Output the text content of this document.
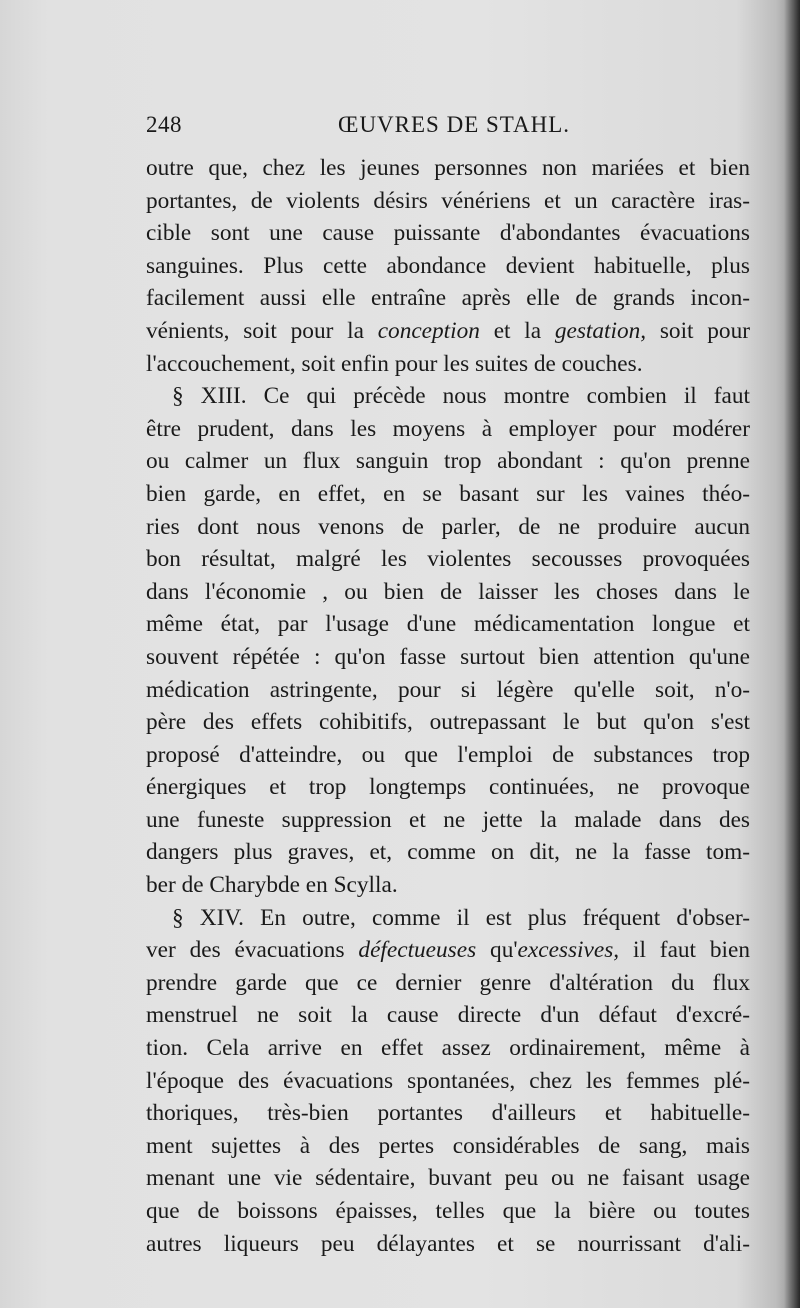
248	ŒUVRES DE STAHL.
outre que, chez les jeunes personnes non mariées et bien
portantes, de violents désirs vénériens et un caractère iras-
cible sont une cause puissante d'abondantes évacuations
sanguines. Plus cette abondance devient habituelle, plus
facilement aussi elle entraîne après elle de grands incon-
vénients, soit pour la conception et la gestation, soit pour
l'accouchement, soit enfin pour les suites de couches.
§ XIII. Ce qui précède nous montre combien il faut
être prudent, dans les moyens à employer pour modérer
ou calmer un flux sanguin trop abondant : qu'on prenne
bien garde, en effet, en se basant sur les vaines théo-
ries dont nous venons de parler, de ne produire aucun
bon résultat, malgré les violentes secousses provoquées
dans l'économie , ou bien de laisser les choses dans le
même état, par l'usage d'une médicamentation longue et
souvent répétée : qu'on fasse surtout bien attention qu'une
médication astringente, pour si légère qu'elle soit, n'o-
père des effets cohibitifs, outrepassant le but qu'on s'est
proposé d'atteindre, ou que l'emploi de substances trop
énergiques et trop longtemps continuées, ne provoque
une funeste suppression et ne jette la malade dans des
dangers plus graves, et, comme on dit, ne la fasse tom-
ber de Charybde en Scylla.
§ XIV. En outre, comme il est plus fréquent d'obser-
ver des évacuations défectueuses qu'excessives, il faut bien
prendre garde que ce dernier genre d'altération du flux
menstruel ne soit la cause directe d'un défaut d'excré-
tion. Cela arrive en effet assez ordinairement, même à
l'époque des évacuations spontanées, chez les femmes plé-
thoriques, très-bien portantes d'ailleurs et habituelle-
ment sujettes à des pertes considérables de sang, mais
menant une vie sédentaire, buvant peu ou ne faisant usage
que de boissons épaisses, telles que la bière ou toutes
autres liqueurs peu délayantes et se nourrissant d'ali-
